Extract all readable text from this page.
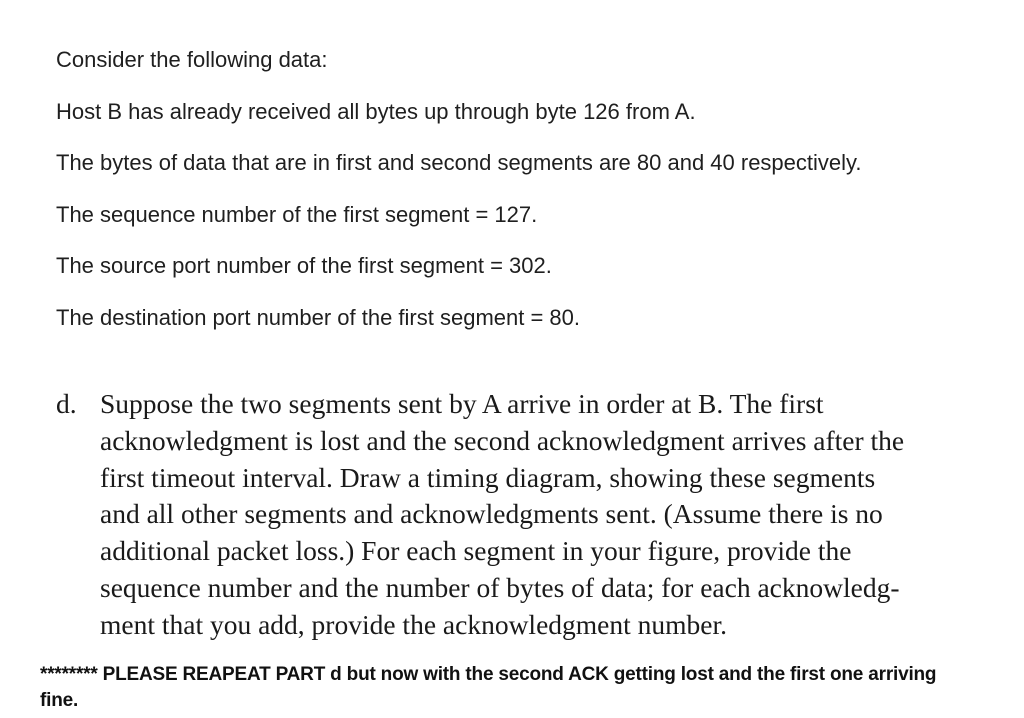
Consider the following data:

Host B has already received all bytes up through byte 126 from A.

The bytes of data that are in first and second segments are 80 and 40 respectively.

The sequence number of the first segment = 127.

The source port number of the first segment = 302.

The destination port number of the first segment = 80.

d. Suppose the two segments sent by A arrive in order at B. The first
acknowledgment is lost and the second acknowledgment arrives after the
first timeout interval. Draw a timing diagram, showing these segments
and all other segments and acknowledgments sent. (Assume there is no
additional packet loss.) For each segment in your figure, provide the
sequence number and the number of bytes of data; for each acknowledg-
ment that you add, provide the acknowledgment number.
******** PLEASE REAPEAT PART d but now with the second ACK getting lost and the first one arriving
fine.
